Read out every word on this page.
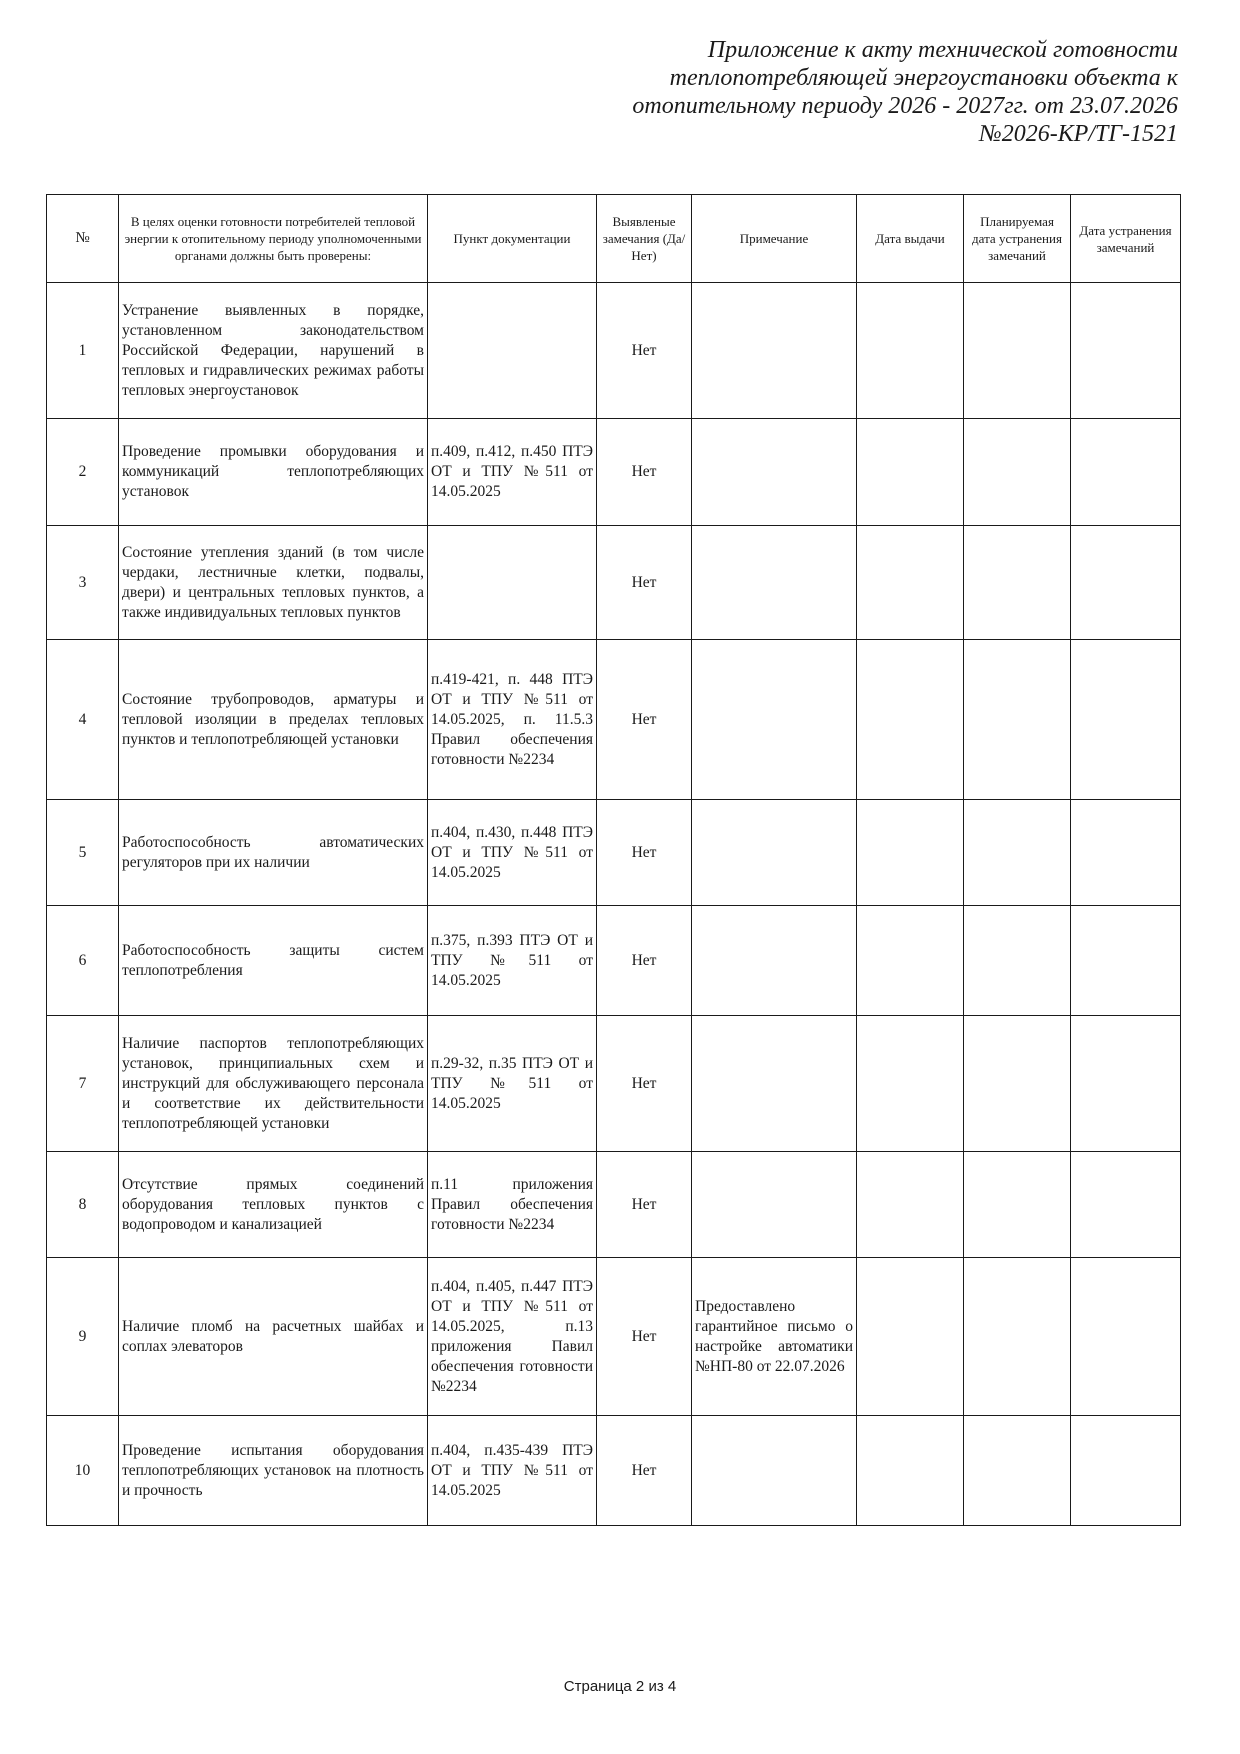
Приложение к акту технической готовности
теплопотребляющей энергоустановки объекта к
отопительному периоду 2026 - 2027гг. от 23.07.2026
№2026-КР/ТГ-1521
№	В целях оценки готовности потребителей тепловой энергии к отопительному периоду уполномоченными органами должны быть проверены:	Пункт документации	Выявленые замечания (Да/Нет)	Примечание	Дата выдачи	Планируемая дата устранения замечаний	Дата устранения замечаний
1	Устранение выявленных в порядке, установленном законодательством Российской Федерации, нарушений в тепловых и гидравлических режимах работы тепловых энергоустановок		Нет				
2	Проведение промывки оборудования и коммуникаций теплопотребляющих установок	п.409, п.412, п.450 ПТЭ ОТ и ТПУ №511 от 14.05.2025	Нет				
3	Состояние утепления зданий (в том числе чердаки, лестничные клетки, подвалы, двери) и центральных тепловых пунктов, а также индивидуальных тепловых пунктов		Нет				
4	Состояние трубопроводов, арматуры и тепловой изоляции в пределах тепловых пунктов и теплопотребляющей установки	п.419-421, п. 448 ПТЭ ОТ и ТПУ №511 от 14.05.2025, п. 11.5.3 Правил обеспечения готовности №2234	Нет				
5	Работоспособность автоматических регуляторов при их наличии	п.404, п.430, п.448 ПТЭ ОТ и ТПУ №511 от 14.05.2025	Нет				
6	Работоспособность защиты систем теплопотребления	п.375, п.393 ПТЭ ОТ и ТПУ №511 от 14.05.2025	Нет				
7	Наличие паспортов теплопотребляющих установок, принципиальных схем и инструкций для обслуживающего персонала и соответствие их действительности теплопотребляющей установки	п.29-32, п.35 ПТЭ ОТ и ТПУ №511 от 14.05.2025	Нет				
8	Отсутствие прямых соединений оборудования тепловых пунктов с водопроводом и канализацией	п.11 приложения Правил обеспечения готовности №2234	Нет				
9	Наличие пломб на расчетных шайбах и соплах элеваторов	п.404, п.405, п.447 ПТЭ ОТ и ТПУ №511 от 14.05.2025, п.13 приложения Павил обеспечения готовности №2234	Нет	Предоставлено гарантийное письмо о настройке автоматики №НП-80 от 22.07.2026			
10	Проведение испытания оборудования теплопотребляющих установок на плотность и прочность	п.404, п.435-439 ПТЭ ОТ и ТПУ №511 от 14.05.2025	Нет				
Страница 2 из 4
